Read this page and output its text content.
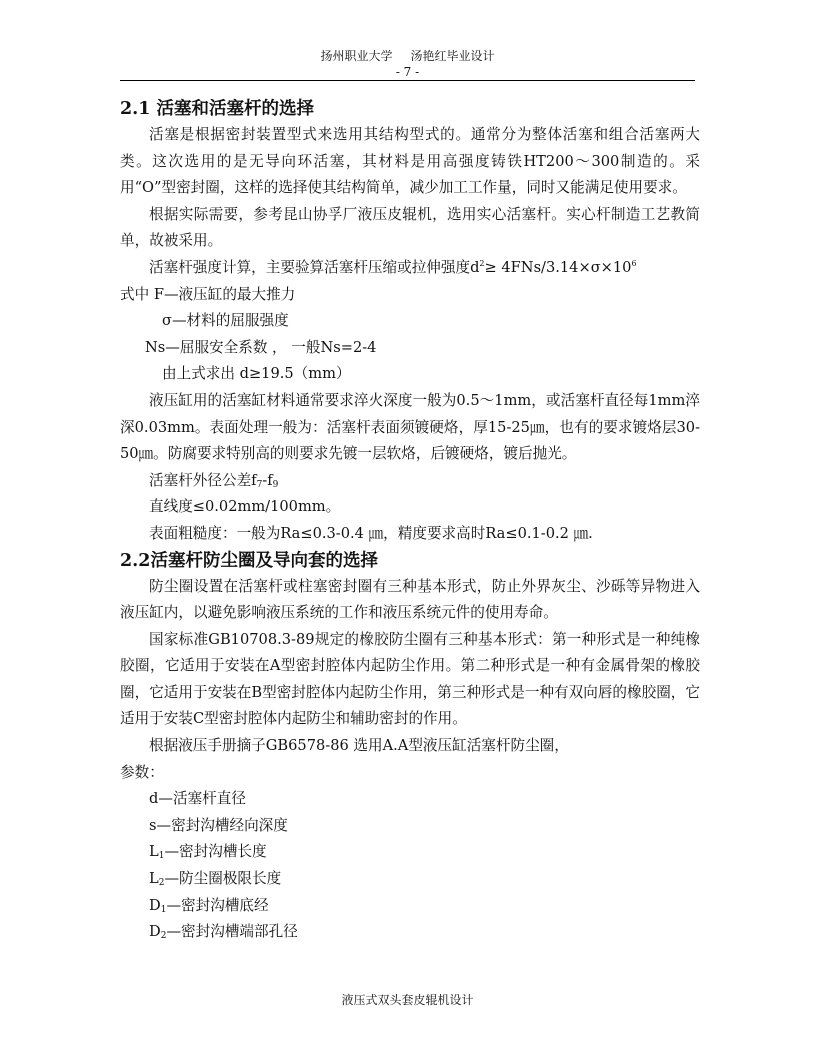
扬州职业大学 汤艳红毕业设计
- 7 -
2.1 活塞和活塞杆的选择

活塞是根据密封装置型式来选用其结构型式的。通常分为整体活塞和组合活塞两大类。这次选用的是无导向环活塞，其材料是用高强度铸铁HT200～300制造的。采用“O”型密封圈，这样的选择使其结构简单，减少加工工作量，同时又能满足使用要求。

根据实际需要，参考昆山协孚厂液压皮辊机，选用实心活塞杆。实心杆制造工艺教简单，故被采用。

活塞杆强度计算，主要验算活塞杆压缩或拉伸强度$d^2\ge 4FNs/3.14\times\sigma\times 10^6$

式中 F—液压缸的最大推力

σ—材料的屈服强度

Ns—屈服安全系数 ， 一般Ns=2-4

由上式求出 d≥19.5（mm）

液压缸用的活塞缸材料通常要求淬火深度一般为0.5～1mm，或活塞杆直径每1mm淬深0.03mm。表面处理一般为：活塞杆表面须镀硬烙，厚15-25㎛，也有的要求镀烙层30-50㎛。防腐要求特别高的则要求先镀一层软烙，后镀硬烙，镀后抛光。

活塞杆外径公差$f_7-f_9$

直线度≤0.02mm/100mm。

表面粗糙度：一般为Ra≤0.3-0.4 ㎛，精度要求高时Ra≤0.1-0.2 ㎛.

2.2活塞杆防尘圈及导向套的选择

防尘圈设置在活塞杆或柱塞密封圈有三种基本形式，防止外界灰尘、沙砾等异物进入液压缸内，以避免影响液压系统的工作和液压系统元件的使用寿命。

国家标准GB10708.3-89规定的橡胶防尘圈有三种基本形式：第一种形式是一种纯橡胶圈，它适用于安装在A型密封腔体内起防尘作用。第二种形式是一种有金属骨架的橡胶圈，它适用于安装在B型密封腔体内起防尘作用，第三种形式是一种有双向唇的橡胶圈，它适用于安装C型密封腔体内起防尘和辅助密封的作用。

根据液压手册摘子GB6578-86 选用A.A型液压缸活塞杆防尘圈，

参数：

d—活塞杆直径

s—密封沟槽经向深度

$L_1—$密封沟槽长度

$L_2—$防尘圈极限长度

$D_1—$密封沟槽底经

$D_2—$密封沟槽端部孔径

液压式双头套皮辊机设计
